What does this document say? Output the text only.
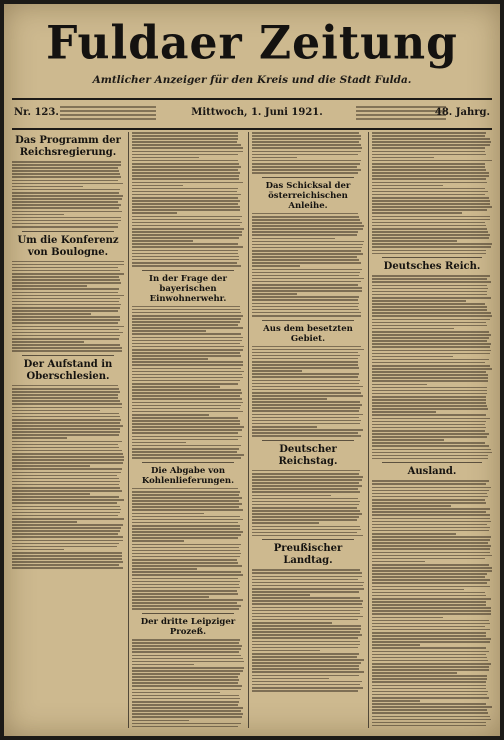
Fuldaer Zeitung
Amtlicher Anzeiger für den Kreis und die Stadt Fulda.
Nr. 123.	Mittwoch, 1. Juni 1921.	48. Jahrg.
Das Programm der Reichsregierung.
Um die Konferenz von Boulogne.
Der Aufstand in Oberschlesien.
In der Frage der bayerischen Einwohnerwehr.
Die Abgabe von Kohlenlieferungen.
Der dritte Leipziger Prozeß.
Das Schicksal der österreichischen Anleihe.
Aus dem besetzten Gebiet.
Deutscher Reichstag.
Preußischer Landtag.
Deutsches Reich.
Ausland.
